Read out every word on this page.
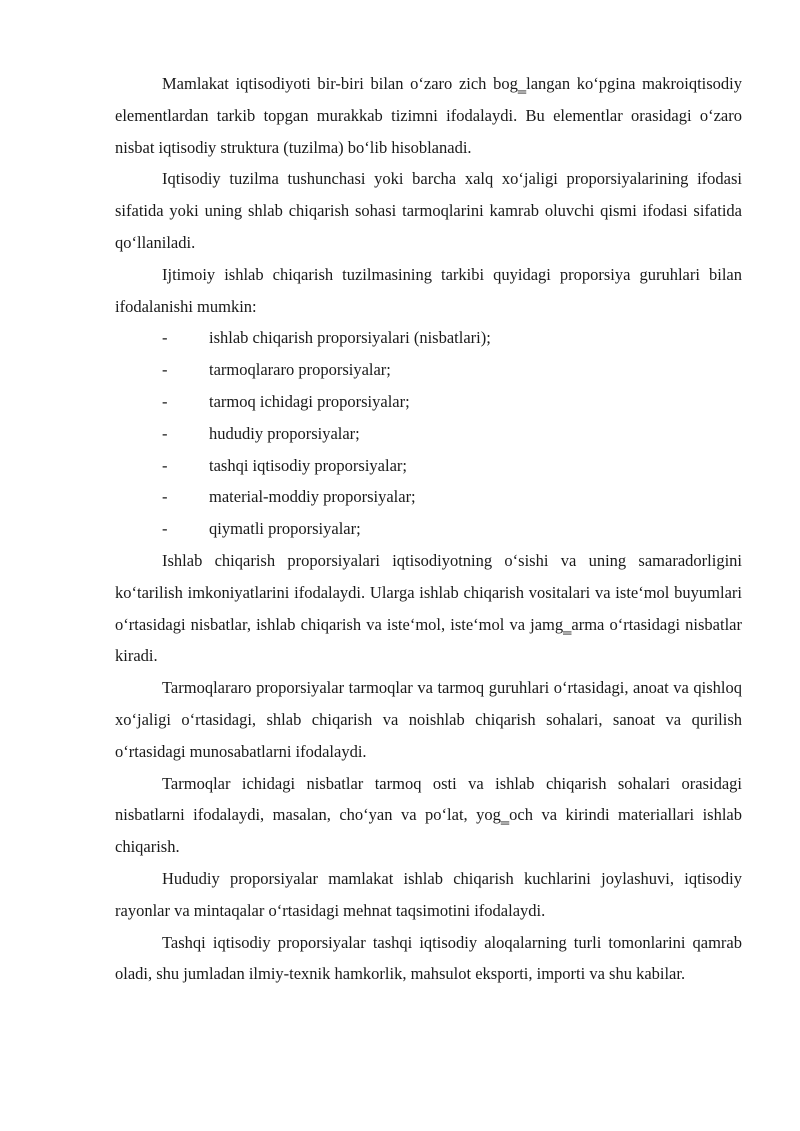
Mamlakat iqtisodiyoti bir-biri bilan o‘zaro zich bog‗langan ko‘pgina makroiqtisodiy elementlardan tarkib topgan murakkab tizimni ifodalaydi. Bu elementlar orasidagi o‘zaro nisbat iqtisodiy struktura (tuzilma) bo‘lib hisoblanadi.

Iqtisodiy tuzilma tushunchasi yoki barcha xalq xo‘jaligi proporsiyalarining ifodasi sifatida yoki uning shlab chiqarish sohasi tarmoqlarini kamrab oluvchi qismi ifodasi sifatida qo‘llaniladi.

Ijtimoiy ishlab chiqarish tuzilmasining tarkibi quyidagi proporsiya guruhlari bilan ifodalanishi mumkin:

-	ishlab chiqarish proporsiyalari (nisbatlari);
-	tarmoqlararo proporsiyalar;
-	tarmoq ichidagi proporsiyalar;
-	hududiy proporsiyalar;
-	tashqi iqtisodiy proporsiyalar;
-	material-moddiy proporsiyalar;
-	qiymatli proporsiyalar;

Ishlab chiqarish proporsiyalari iqtisodiyotning o‘sishi va uning samaradorligini ko‘tarilish imkoniyatlarini ifodalaydi. Ularga ishlab chiqarish vositalari va iste‘mol buyumlari o‘rtasidagi nisbatlar, ishlab chiqarish va iste‘mol, iste‘mol va jamg‗arma o‘rtasidagi nisbatlar kiradi.

Tarmoqlararo proporsiyalar tarmoqlar va tarmoq guruhlari o‘rtasidagi, anoat va qishloq xo‘jaligi o‘rtasidagi, shlab chiqarish va noishlab chiqarish sohalari, sanoat va qurilish o‘rtasidagi munosabatlarni ifodalaydi.

Tarmoqlar ichidagi nisbatlar tarmoq osti va ishlab chiqarish sohalari orasidagi nisbatlarni ifodalaydi, masalan, cho‘yan va po‘lat, yog‗och va kirindi materiallari ishlab chiqarish.

Hududiy proporsiyalar mamlakat ishlab chiqarish kuchlarini joylashuvi, iqtisodiy rayonlar va mintaqalar o‘rtasidagi mehnat taqsimotini ifodalaydi.

Tashqi iqtisodiy proporsiyalar tashqi iqtisodiy aloqalarning turli tomonlarini qamrab oladi, shu jumladan ilmiy-texnik hamkorlik, mahsulot eksporti, importi va shu kabilar.
